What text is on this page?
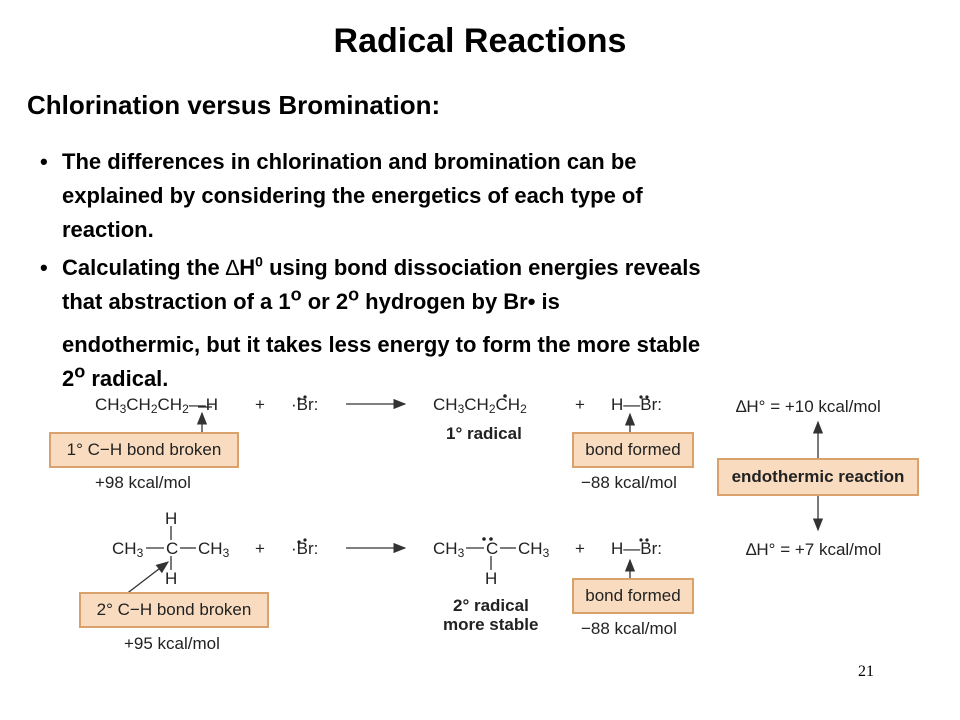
Radical Reactions
Chlorination versus Bromination:
• The differences in chlorination and bromination can be
explained by considering the energetics of each type of
reaction.
• Calculating the $\Delta H^0$ using bond dissociation energies reveals
that abstraction of a 1$^o$ or 2$^o$ hydrogen by Br• is
endothermic, but it takes less energy to form the more stable
2$^o$ radical.
$CH_3CH_2CH_2—H + \cdot Br$:	$CH_3CH_2CH_2$
1° radical
+ H—Br:	∆H° = +10 kcal/mol
1° C−H bond broken
+98 kcal/mol
bond formed
−88 kcal/mol	endothermic reaction
H
$CH_3$ C $CH_3$
H
+ ·Br:	$CH_3$ C $CH_3$
H
2° radical
more stable
+ H—Br:	∆H° = +7 kcal/mol
2° C−H bond broken
+95 kcal/mol
bond formed
−88 kcal/mol
21
